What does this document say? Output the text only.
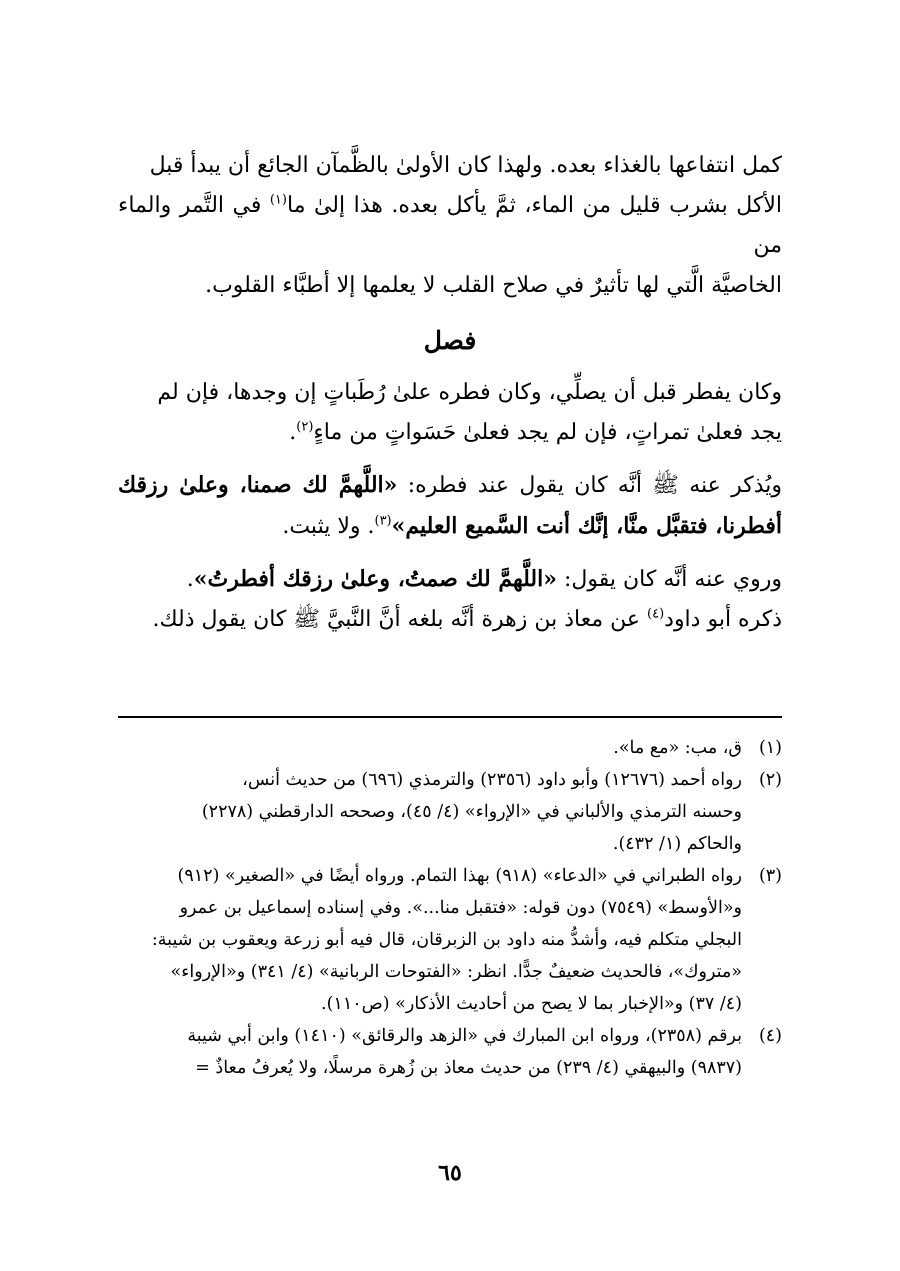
كمل انتفاعها بالغذاء بعده. ولهذا كان الأولىٰ بالظَّمآن الجائع أن يبدأ قبل

الأكل بشرب قليل من الماء، ثمَّ يأكل بعده. هذا إلىٰ ما$^{(١)}$ في التَّمر والماء من

الخاصيَّة الَّتي لها تأثيرٌ في صلاح القلب لا يعلمها إلا أطبَّاء القلوب.

فصل

وكان يفطر قبل أن يصلِّي، وكان فطره علىٰ رُطَباتٍ إن وجدها، فإن لم

يجد فعلىٰ تمراتٍ، فإن لم يجد فعلىٰ حَسَواتٍ من ماءٍ$^{(٢)}$.

ويُذكر عنه ﷺ أنَّه كان يقول عند فطره: «اللَّهمَّ لك صمنا، وعلىٰ رزقك أفطرنا، فتقبَّل منَّا، إنَّك أنت السَّميع العليم»$^{(٣)}$. ولا يثبت.

وروي عنه أنَّه كان يقول: «اللَّهمَّ لك صمتُ، وعلىٰ رزقك أفطرتُ».

ذكره أبو داود$^{(٤)}$ عن معاذ بن زهرة أنَّه بلغه أنَّ النَّبيَّ ﷺ كان يقول ذلك.

(١)

ق، مب: «مع ما».

(٢)

رواه أحمد (١٢٦٧٦) وأبو داود (٢٣٥٦) والترمذي (٦٩٦) من حديث أنس،

وحسنه الترمذي والألباني في «الإرواء» (٤/ ٤٥)، وصححه الدارقطني (٢٢٧٨)

والحاكم (١/ ٤٣٢).

(٣)

رواه الطبراني في «الدعاء» (٩١٨) بهذا التمام. ورواه أيضًا في «الصغير» (٩١٢)

و«الأوسط» (٧٥٤٩) دون قوله: «فتقبل منا...». وفي إسناده إسماعيل بن عمرو

البجلي متكلم فيه، وأشدُّ منه داود بن الزبرقان، قال فيه أبو زرعة ويعقوب بن شيبة:

«متروك»، فالحديث ضعيفٌ جدًّا. انظر: «الفتوحات الربانية» (٤/ ٣٤١) و«الإرواء»

(٤/ ٣٧) و«الإخبار بما لا يصح من أحاديث الأذكار» (ص١١٠).

(٤)

برقم (٢٣٥٨)، ورواه ابن المبارك في «الزهد والرقائق» (١٤١٠) وابن أبي شيبة

(٩٨٣٧) والبيهقي (٤/ ٢٣٩) من حديث معاذ بن زُهرة مرسلًا، ولا يُعرفُ معاذٌ =

٦٥
